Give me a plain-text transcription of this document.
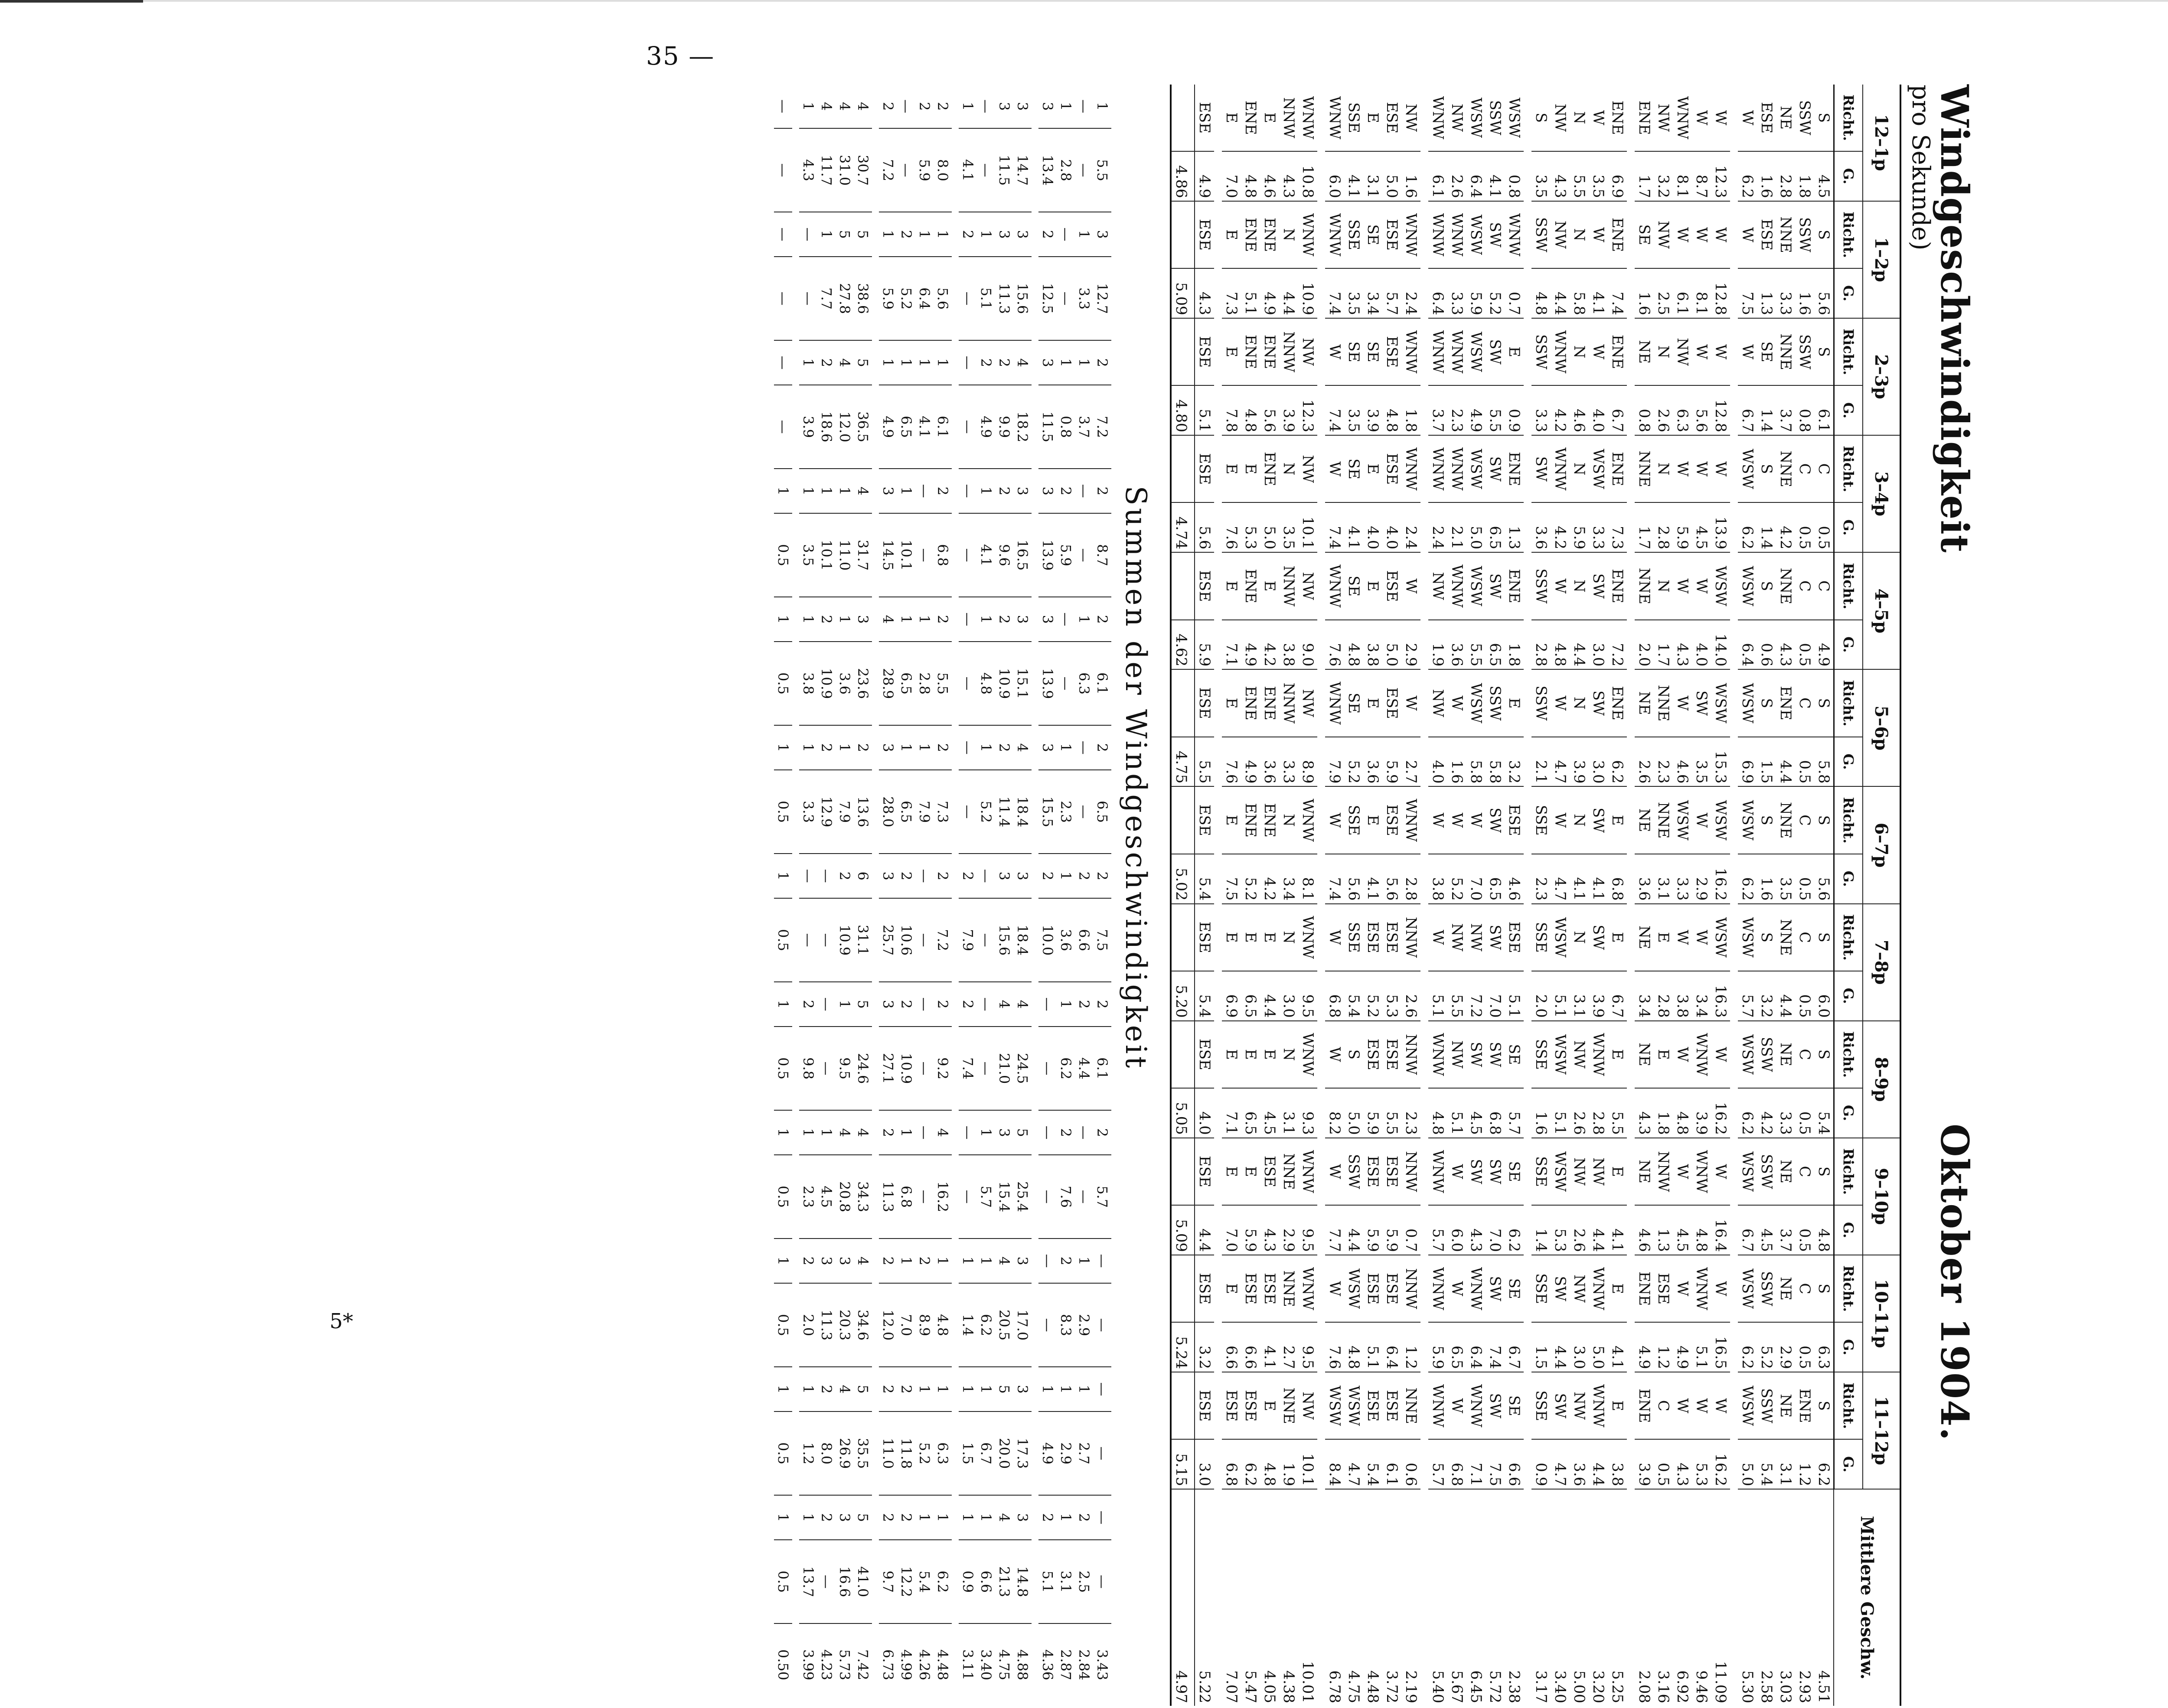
35 —
5*
Windgeschwindigkeit
Oktober 1904.
pro Sekunde)
12–1p		1–2p		2–3p		3–4p		4–5p		5–6p		6–7p		7–8p		8–9p		9–10p		10–11p		11–12p		Mittlere Geschw.
Richt.	G.	Richt.	G.	Richt.	G.	Richt.	G.	Richt.	G.	Richt.	G.	Richt.	G.	Richt.	G.	Richt.	G.	Richt.	G.	Richt.	G.	Richt.	G.	
S	4.5	S	5.6	S	6.1	C	0.5	C	4.9	S	5.8	S	5.6	S	6.0	S	5.4	S	4.8	S	6.3	S	6.2	4.51
SSW	1.8	SSW	1.6	SSW	0.8	C	0.5	C	0.5	C	0.5	C	0.5	C	0.5	C	0.5	C	0.5	C	0.5	ENE	1.2	2.93
NE	2.8	NNE	3.3	NNE	3.7	NNE	4.2	NNE	4.3	ENE	4.4	NNE	3.5	NNE	4.4	NE	3.3	NE	3.7	NE	2.9	NE	3.1	3.03
ESE	1.6	ESE	1.3	SE	1.4	S	1.4	S	0.6	S	1.5	S	1.6	S	3.2	SSW	4.2	SSW	4.5	SSW	5.2	SSW	5.4	2.58
W	6.2	W	7.5	W	6.7	WSW	6.2	WSW	6.4	WSW	6.9	WSW	6.2	WSW	5.7	WSW	6.2	WSW	6.7	WSW	6.2	WSW	5.0	5.30

W	12.3	W	12.8	W	12.8	W	13.9	WSW	14.0	WSW	15.3	WSW	16.2	WSW	16.3	W	16.2	W	16.4	W	16.5	W	16.2	11.09
W	8.7	W	8.1	W	5.6	W	4.5	W	4.0	SW	3.5	W	2.9	W	3.4	WNW	3.9	WNW	4.8	WNW	5.1	W	5.3	9.46
WNW	8.1	W	6.1	NW	6.3	W	5.9	W	4.3	W	4.6	WSW	3.3	W	3.8	W	4.8	W	4.5	W	4.9	W	4.3	6.92
NW	3.2	NW	2.5	N	2.6	N	2.8	N	1.7	NNE	2.3	NNE	3.1	E	2.8	E	1.8	NNW	1.3	ESE	1.2	C	0.5	3.16
ENE	1.7	SE	1.6	NE	0.8	NNE	1.7	NNE	2.0	NE	2.6	NE	3.6	NE	3.4	NE	4.3	NE	4.6	ENE	4.9	ENE	3.9	2.08

ENE	6.9	ENE	7.4	ENE	6.7	ENE	7.3	ENE	7.2	ENE	6.2	E	6.8	E	6.7	E	5.5	E	4.1	E	4.1	E	3.8	5.25
W	3.5	W	4.1	W	4.0	WSW	3.3	SW	3.0	SW	3.0	SW	4.1	SW	3.9	WNW	2.8	NW	4.4	WNW	5.0	WNW	4.4	3.20
N	5.5	N	5.8	N	4.6	N	5.9	N	4.4	N	3.9	N	4.1	N	3.1	NW	2.6	NW	2.6	NW	3.0	NW	3.6	5.00
NW	4.3	NW	4.4	WNW	4.2	WNW	4.2	W	4.8	W	4.7	W	4.7	WSW	5.1	WSW	5.1	WSW	5.3	SW	4.4	SW	4.7	3.40
S	3.5	SSW	4.8	SSW	3.3	SW	3.6	SSW	2.8	SSW	2.1	SSE	2.3	SSE	2.0	SSE	1.6	SSE	1.4	SSE	1.5	SSE	0.9	3.17

WSW	0.8	WNW	0.7	E	0.9	ENE	1.3	ENE	1.8	E	3.2	ESE	4.6	ESE	5.1	SE	5.7	SE	6.2	SE	6.7	SE	6.6	2.38
SSW	4.1	SW	5.2	SW	5.5	SW	6.5	SW	6.5	SSW	5.8	SW	6.5	SW	7.0	SW	6.8	SW	7.0	SW	7.4	SW	7.5	5.72
WSW	6.4	WSW	5.9	WSW	4.9	WSW	5.0	WSW	5.5	WSW	5.8	W	7.0	NW	7.2	SW	4.5	SW	4.3	WNW	6.4	WNW	7.1	6.45
NW	2.6	WNW	3.3	WNW	2.3	WNW	2.1	WNW	3.6	W	1.6	W	5.2	NW	5.5	NW	5.1	W	6.0	W	6.5	W	6.8	5.67
WNW	6.1	WNW	6.4	WNW	3.7	WNW	2.4	NW	1.9	NW	4.0	W	3.8	W	5.1	WNW	4.8	WNW	5.7	WNW	5.9	WNW	5.7	5.40

NW	1.6	WNW	2.4	WNW	1.8	WNW	2.4	W	2.9	W	2.7	WNW	2.8	NNW	2.6	NNW	2.3	NNW	0.7	NNW	1.2	NNE	0.6	2.19
ESE	5.0	ESE	5.7	ESE	4.8	ESE	4.0	ESE	5.0	ESE	5.9	ESE	5.6	ESE	5.3	ESE	5.5	ESE	5.9	ESE	6.4	ESE	6.1	3.72
E	3.1	SE	3.4	SE	3.9	E	4.0	E	3.8	E	3.6	E	4.1	ESE	5.2	ESE	5.9	ESE	5.9	ESE	5.1	ESE	5.4	4.48
SSE	4.1	SSE	3.5	SE	3.5	SE	4.1	SE	4.8	SE	5.2	SSE	5.6	SSE	5.4	S	5.0	SSW	4.4	WSW	4.8	WSW	4.7	4.75
WNW	6.0	WNW	7.4	W	7.4	W	7.4	WNW	7.6	WNW	7.9	W	7.4	W	6.8	W	8.2	W	7.7	W	7.6	WSW	8.4	6.78

WNW	10.8	WNW	10.9	NW	12.3	NW	10.1	NW	9.0	NW	8.9	WNW	8.1	WNW	9.5	WNW	9.3	WNW	9.5	WNW	9.5	NW	10.1	10.01
NNW	4.3	N	4.4	NNW	3.9	N	3.5	NNW	3.8	NNW	3.3	N	3.4	N	3.0	N	3.1	NNE	2.9	NNE	2.7	NNE	1.9	4.38
E	4.6	ENE	4.9	ENE	5.6	ENE	5.0	E	4.2	ENE	3.6	ENE	4.2	E	4.4	E	4.5	ESE	4.3	ESE	4.1	E	4.8	4.05
ENE	4.8	ENE	5.1	ENE	4.8	E	5.3	ENE	4.9	ENE	4.9	ENE	5.2	E	6.5	E	6.5	E	5.9	ESE	6.6	ESE	6.2	5.47
E	7.0	E	7.3	E	7.8	E	7.6	E	7.1	E	7.6	E	7.5	E	6.9	E	7.1	E	7.0	E	6.6	ESE	6.8	7.07

ESE	4.9	ESE	4.3	ESE	5.1	ESE	5.6	ESE	5.9	ESE	5.5	ESE	5.4	ESE	5.4	ESE	4.0	ESE	4.4	ESE	3.2	ESE	3.0	5.22
	4.86		5.09		4.80		4.74		4.62		4.75		5.02		5.20		5.05		5.09		5.24		5.15	4.97
Summen der Windgeschwindigkeit
1	5.5	3	12.7	2	7.2	2	8.7	2	6.1	2	6.5	2	7.5	2	6.1	2	5.7	—	—	—	—	—	—	3.43
—	—	1	3.3	1	3.7	—	—	1	6.3	—	—	2	6.6	2	4.4	—	—	1	2.9	1	2.7	2	2.5	2.84
1	2.8	—	—	1	0.8	2	5.9	—	—	1	2.3	1	3.6	1	6.2	2	7.6	2	8.3	1	2.9	1	3.1	2.87
3	13.4	2	12.5	3	11.5	3	13.9	3	13.9	3	15.5	2	10.0	—	—	—	—	—	—	1	4.9	2	5.1	4.36

3	14.7	3	15.6	4	18.2	3	16.5	3	15.1	4	18.4	3	18.4	4	24.5	5	25.4	3	17.0	3	17.3	3	14.8	4.88
3	11.5	3	11.3	2	9.9	2	9.6	2	10.9	2	11.4	3	15.6	4	21.0	3	15.4	4	20.5	5	20.0	4	21.3	4.75
—	—	1	5.1	2	4.9	1	4.1	1	4.8	1	5.2	—	—	—	—	1	5.7	1	6.2	1	6.7	1	6.6	3.40
1	4.1	2	—	—	—	—	—	—	—	—	—	2	7.9	2	7.4	—	—	1	1.4	1	1.5	1	0.9	3.11

2	8.0	1	5.6	1	6.1	2	6.8	2	5.5	2	7.3	2	7.2	2	9.2	4	16.2	1	4.8	1	6.3	1	6.2	4.48
2	5.9	1	6.4	1	4.1	—	—	1	2.8	1	7.9	—	—	—	—	—	—	2	8.9	1	5.2	1	5.4	4.26
—	—	2	5.2	1	6.5	1	10.1	1	6.5	1	6.5	2	10.6	2	10.9	1	6.8	1	7.0	2	11.8	2	12.2	4.99
2	7.2	1	5.9	1	4.9	3	14.5	4	28.9	3	28.0	3	25.7	3	27.1	2	11.3	2	12.0	2	11.0	2	9.7	6.73

4	30.7	5	38.6	5	36.5	4	31.7	3	23.6	2	13.6	6	31.1	5	24.6	4	34.3	4	34.6	5	35.5	5	41.0	7.42
4	31.0	5	27.8	4	12.0	1	11.0	1	3.6	1	7.9	2	10.9	1	9.5	4	20.8	3	20.3	4	26.9	3	16.6	5.73
4	11.7	1	7.7	2	18.6	1	10.1	2	10.9	2	12.9	—	—	—	—	1	4.5	3	11.3	2	8.0	2	—	4.23
1	4.3	—	—	1	3.9	1	3.5	1	3.8	1	3.3	—	—	2	9.8	1	2.3	2	2.0	1	1.2	1	13.7	3.99

—	—	—	—	—	—	1	0.5	1	0.5	1	0.5	1	0.5	1	0.5	1	0.5	1	0.5	1	0.5	1	0.5	0.50
